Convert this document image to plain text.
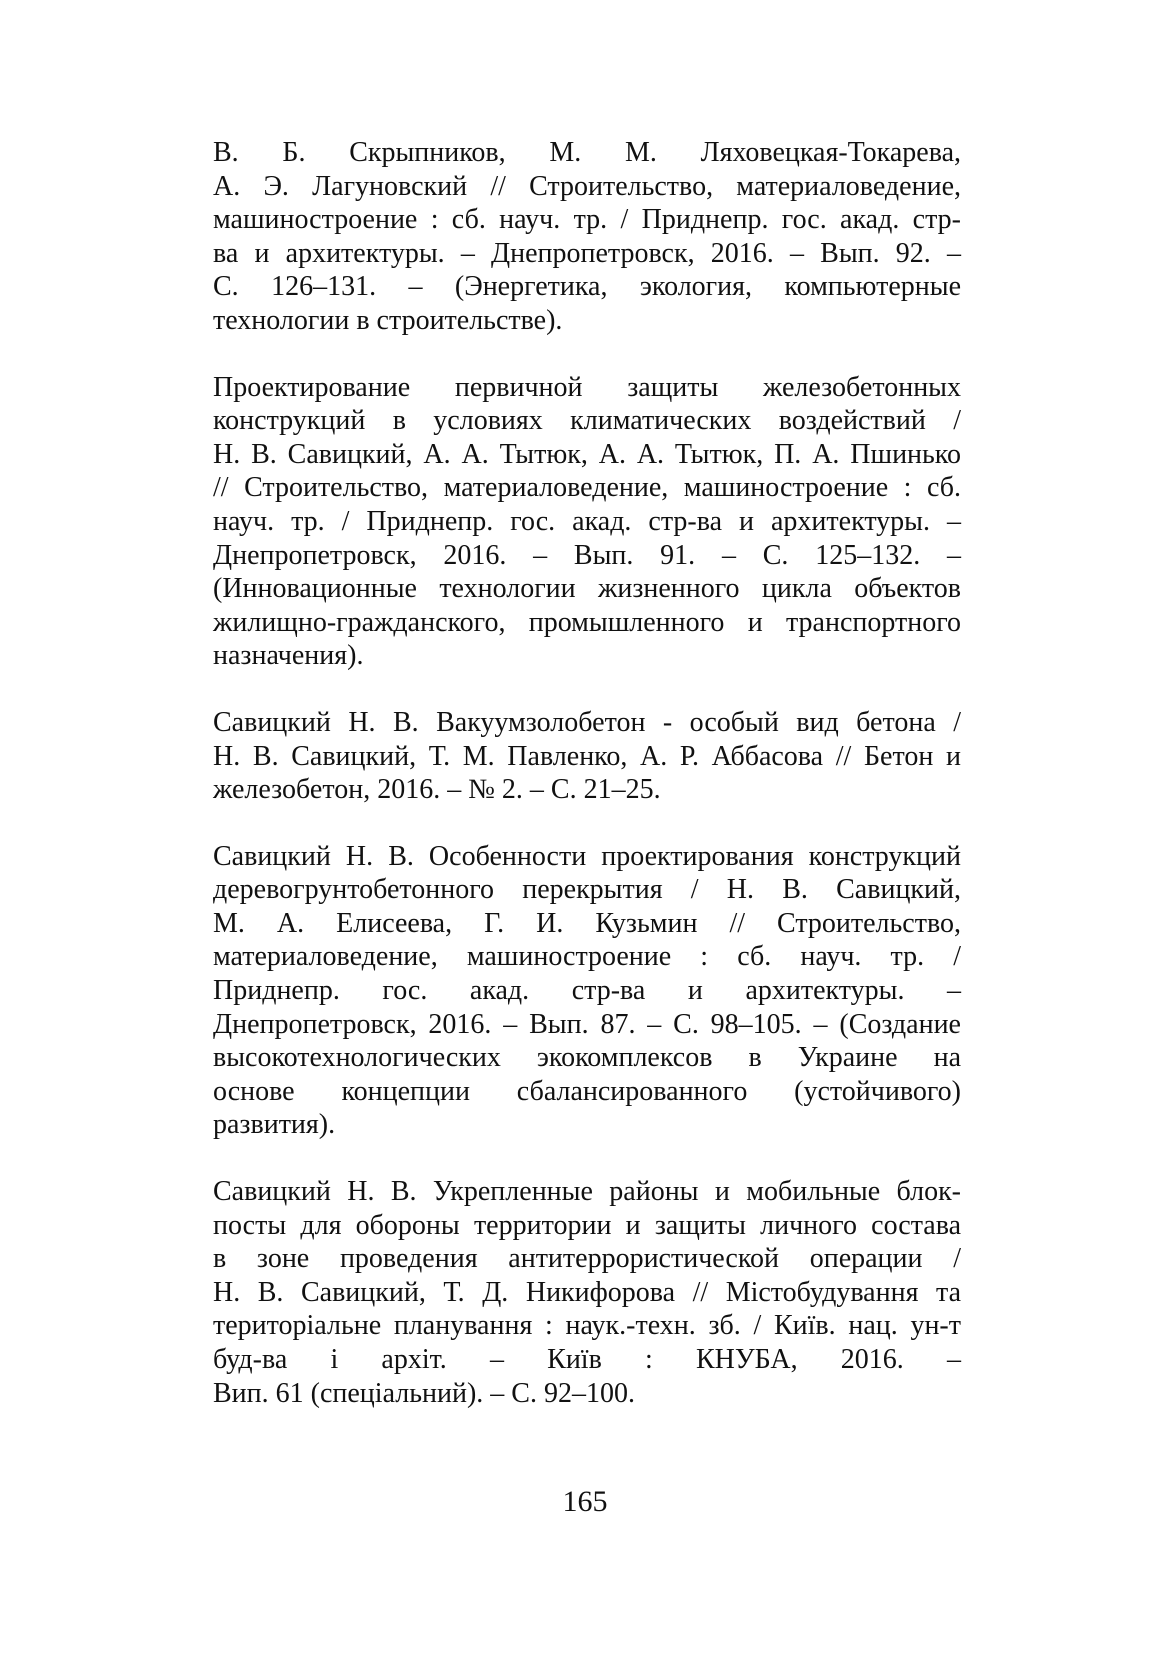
В. Б. Скрыпников, М. М. Ляховецкая-Токарева,
А. Э. Лагуновский // Строительство, материаловедение,
машиностроение : сб. науч. тр. / Приднепр. гос. акад. стр-
ва и архитектуры. – Днепропетровск, 2016. – Вып. 92. –
С. 126–131. – (Энергетика, экология, компьютерные
технологии в строительстве).
Проектирование первичной защиты железобетонных
конструкций в условиях климатических воздействий /
Н. В. Савицкий, А. А. Тытюк, А. А. Тытюк, П. А. Пшинько
// Строительство, материаловедение, машиностроение : сб.
науч. тр. / Приднепр. гос. акад. стр-ва и архитектуры. –
Днепропетровск, 2016. – Вып. 91. – С. 125–132. –
(Инновационные технологии жизненного цикла объектов
жилищно-гражданского, промышленного и транспортного
назначения).
Савицкий Н. В. Вакуумзолобетон - особый вид бетона /
Н. В. Савицкий, Т. М. Павленко, А. Р. Аббасова // Бетон и
железобетон, 2016. – № 2. – С. 21–25.
Савицкий Н. В. Особенности проектирования конструкций
деревогрунтобетонного перекрытия / Н. В. Савицкий,
М. А. Елисеева, Г. И. Кузьмин // Строительство,
материаловедение, машиностроение : сб. науч. тр. /
Приднепр. гос. акад. стр-ва и архитектуры. –
Днепропетровск, 2016. – Вып. 87. – С. 98–105. – (Создание
высокотехнологических экокомплексов в Украине на
основе концепции сбалансированного (устойчивого)
развития).
Савицкий Н. В. Укрепленные районы и мобильные блок-
посты для обороны территории и защиты личного состава
в зоне проведения антитеррористической операции /
Н. В. Савицкий, Т. Д. Никифорова // Містобудування та
територіальне планування : наук.-техн. зб. / Київ. нац. ун-т
буд-ва і архіт. – Київ : КНУБА, 2016. –
Вип. 61 (спеціальний). – С. 92–100.
165
